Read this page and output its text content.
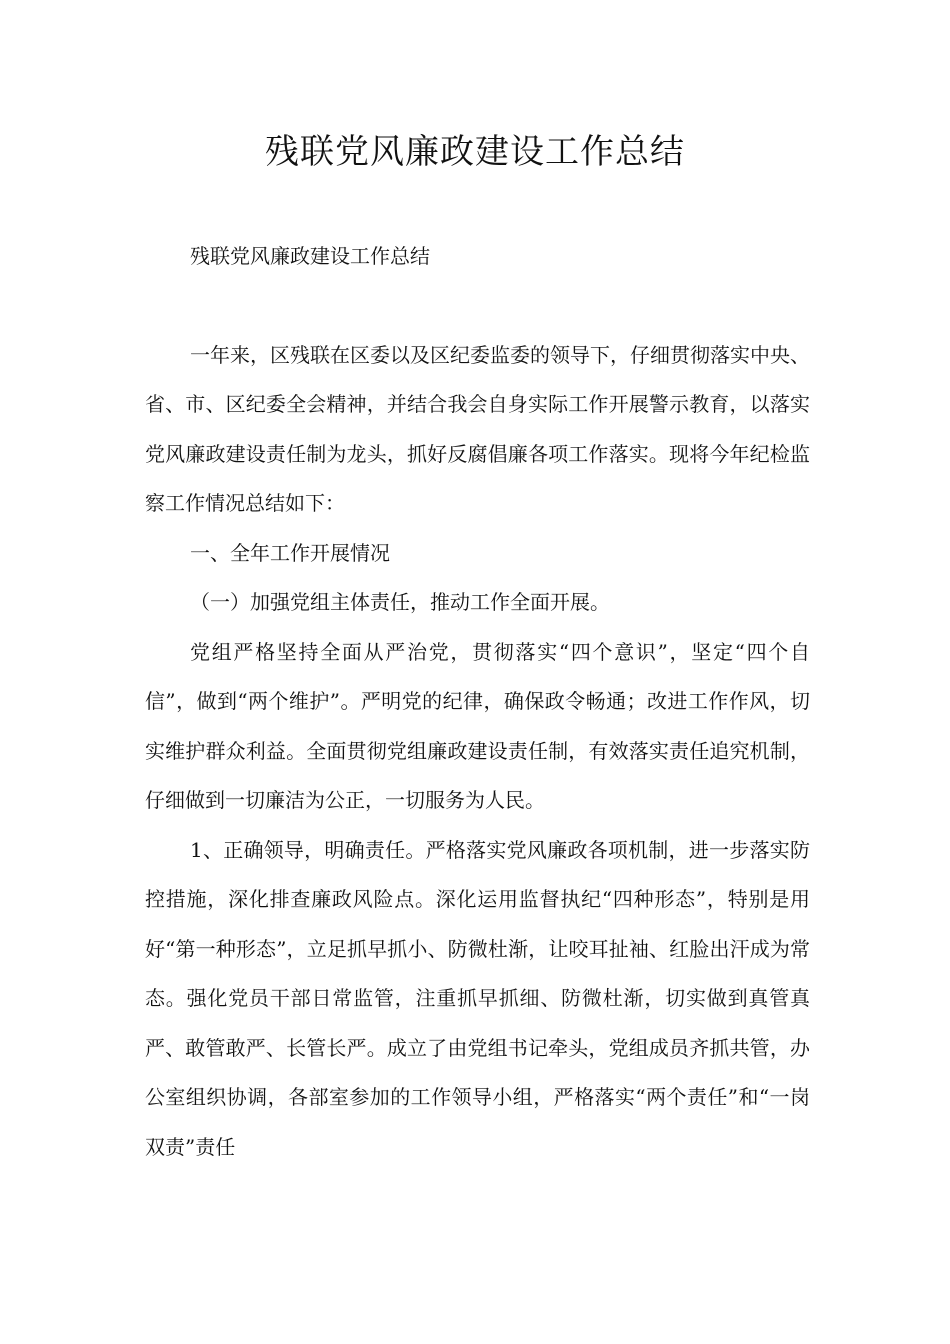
残联党风廉政建设工作总结

残联党风廉政建设工作总结

一年来，区残联在区委以及区纪委监委的领导下，仔细贯彻落实中央、省、市、区纪委全会精神，并结合我会自身实际工作开展警示教育，以落实党风廉政建设责任制为龙头，抓好反腐倡廉各项工作落实。现将今年纪检监察工作情况总结如下：

一、全年工作开展情况

（一）加强党组主体责任，推动工作全面开展。

党组严格坚持全面从严治党，贯彻落实“四个意识”，坚定“四个自信”，做到“两个维护”。严明党的纪律，确保政令畅通；改进工作作风，切实维护群众利益。全面贯彻党组廉政建设责任制，有效落实责任追究机制，仔细做到一切廉洁为公正，一切服务为人民。

1、正确领导，明确责任。严格落实党风廉政各项机制，进一步落实防控措施，深化排查廉政风险点。深化运用监督执纪“四种形态”，特别是用好“第一种形态”，立足抓早抓小、防微杜渐，让咬耳扯袖、红脸出汗成为常态。强化党员干部日常监管，注重抓早抓细、防微杜渐，切实做到真管真严、敢管敢严、长管长严。成立了由党组书记牵头，党组成员齐抓共管，办公室组织协调，各部室参加的工作领导小组，严格落实“两个责任”和“一岗双责”责任
